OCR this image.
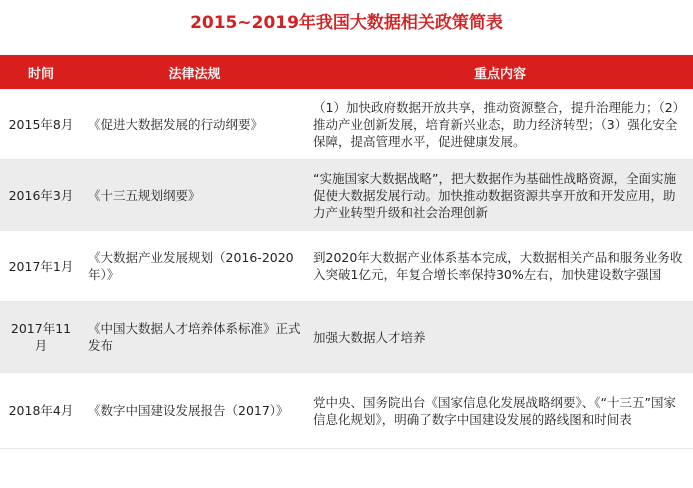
2015~2019年我国大数据相关政策简表
时间	法律法规	重点内容
2015年8月	《促进大数据发展的行动纲要》	（1）加快政府数据开放共享，推动资源整合，提升治理能力；（2）推动产业创新发展，培育新兴业态，助力经济转型；（3）强化安全保障，提高管理水平，促进健康发展。
2016年3月	《十三五规划纲要》	“实施国家大数据战略”，把大数据作为基础性战略资源，全面实施促使大数据发展行动。加快推动数据资源共享开放和开发应用，助力产业转型升级和社会治理创新
2017年1月	《大数据产业发展规划（2016-2020年）》	到2020年大数据产业体系基本完成，大数据相关产品和服务业务收入突破1亿元，年复合增长率保持30%左右，加快建设数字强国
2017年11月	《中国大数据人才培养体系标准》正式发布	加强大数据人才培养
2018年4月	《数字中国建设发展报告（2017）》	党中央、国务院出台《国家信息化发展战略纲要》、《“十三五”国家信息化规划》，明确了数字中国建设发展的路线图和时间表
